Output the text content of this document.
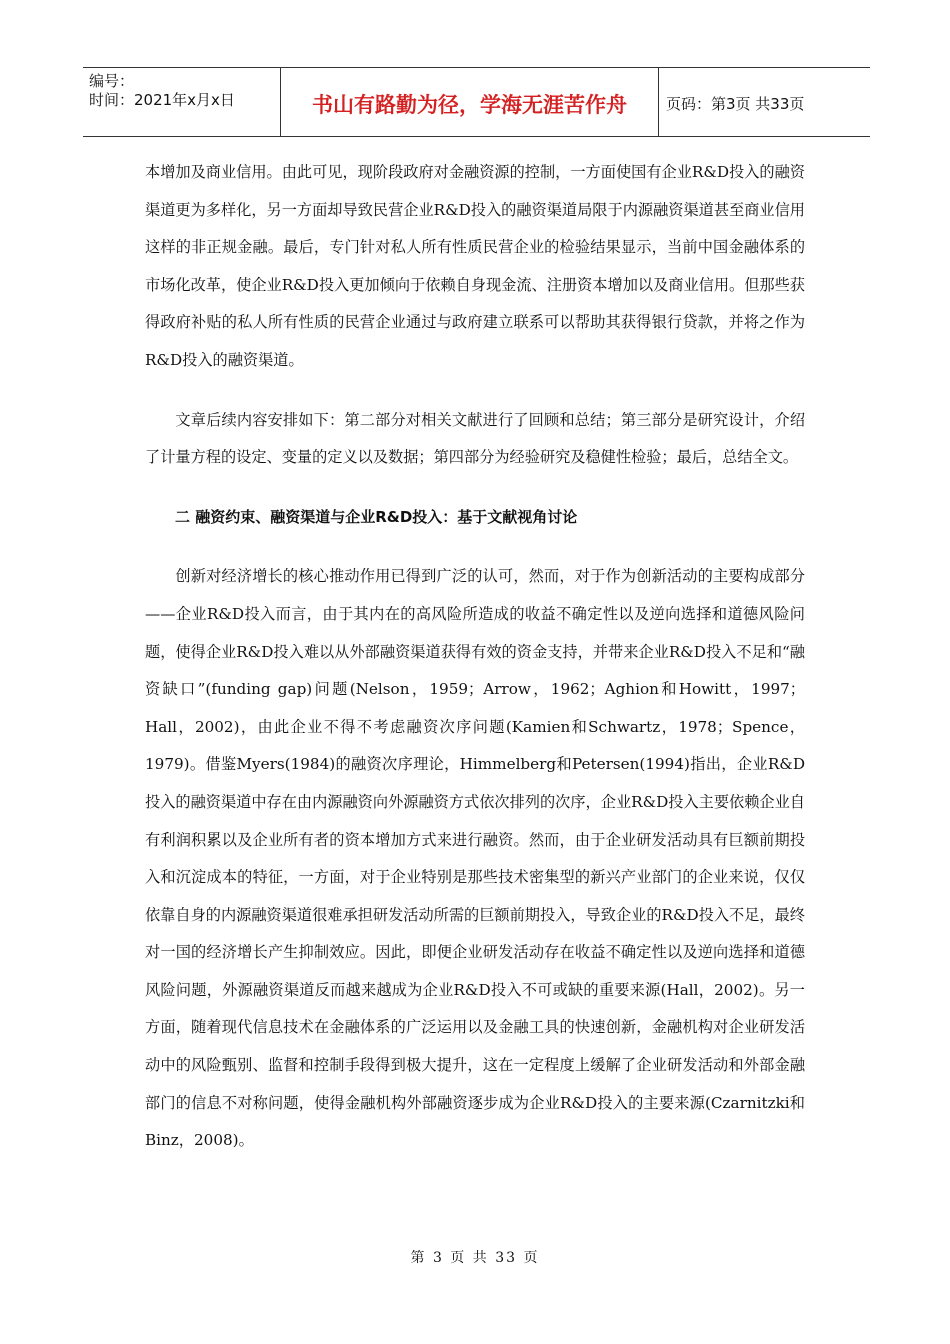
编号：
时间：2021年x月x日	书山有路勤为径，学海无涯苦作舟	页码：第3页 共33页

本增加及商业信用。由此可见，现阶段政府对金融资源的控制，一方面使国有企业R&D投入的融资渠道更为多样化，另一方面却导致民营企业R&D投入的融资渠道局限于内源融资渠道甚至商业信用这样的非正规金融。最后，专门针对私人所有性质民营企业的检验结果显示，当前中国金融体系的市场化改革，使企业R&D投入更加倾向于依赖自身现金流、注册资本增加以及商业信用。但那些获得政府补贴的私人所有性质的民营企业通过与政府建立联系可以帮助其获得银行贷款，并将之作为R&D投入的融资渠道。

文章后续内容安排如下：第二部分对相关文献进行了回顾和总结；第三部分是研究设计，介绍了计量方程的设定、变量的定义以及数据；第四部分为经验研究及稳健性检验；最后，总结全文。

二 融资约束、融资渠道与企业R&D投入：基于文献视角讨论

创新对经济增长的核心推动作用已得到广泛的认可，然而，对于作为创新活动的主要构成部分——企业R&D投入而言，由于其内在的高风险所造成的收益不确定性以及逆向选择和道德风险问题，使得企业R&D投入难以从外部融资渠道获得有效的资金支持，并带来企业R&D投入不足和“融资缺口”(funding gap)问题(Nelson，1959；Arrow，1962；Aghion和Howitt，1997；Hall，2002)，由此企业不得不考虑融资次序问题(Kamien和Schwartz，1978；Spence，1979)。借鉴Myers(1984)的融资次序理论，Himmelberg和Petersen(1994)指出，企业R&D投入的融资渠道中存在由内源融资向外源融资方式依次排列的次序，企业R&D投入主要依赖企业自有利润积累以及企业所有者的资本增加方式来进行融资。然而，由于企业研发活动具有巨额前期投入和沉淀成本的特征，一方面，对于企业特别是那些技术密集型的新兴产业部门的企业来说，仅仅依靠自身的内源融资渠道很难承担研发活动所需的巨额前期投入，导致企业的R&D投入不足，最终对一国的经济增长产生抑制效应。因此，即便企业研发活动存在收益不确定性以及逆向选择和道德风险问题，外源融资渠道反而越来越成为企业R&D投入不可或缺的重要来源(Hall，2002)。另一方面，随着现代信息技术在金融体系的广泛运用以及金融工具的快速创新，金融机构对企业研发活动中的风险甄别、监督和控制手段得到极大提升，这在一定程度上缓解了企业研发活动和外部金融部门的信息不对称问题，使得金融机构外部融资逐步成为企业R&D投入的主要来源(Czarnitzki和Binz，2008)。

第 3 页 共 33 页
